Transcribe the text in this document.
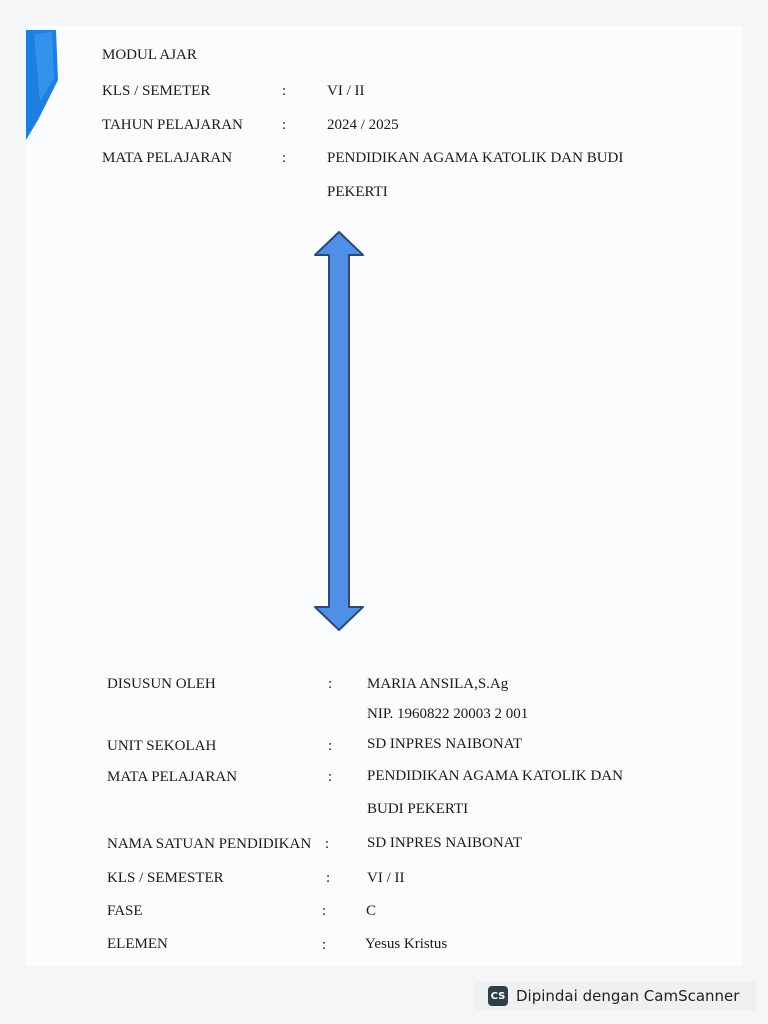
MODUL AJAR
KLS / SEMETER	:	VI / II
TAHUN PELAJARAN	:	2024 / 2025
MATA PELAJARAN	:	PENDIDIKAN AGAMA KATOLIK DAN BUDI
PEKERTI
DISUSUN OLEH	: MARIA ANSILA,S.Ag
NIP. 1960822 20003 2 001
UNIT SEKOLAH	: SD INPRES NAIBONAT
MATA PELAJARAN	: PENDIDIKAN AGAMA KATOLIK DAN
BUDI PEKERTI
NAMA SATUAN PENDIDIKAN :	SD INPRES NAIBONAT
KLS / SEMESTER	: VI / II
FASE	:	C
ELEMEN	:	Yesus Kristus
CS Dipindai dengan CamScanner
